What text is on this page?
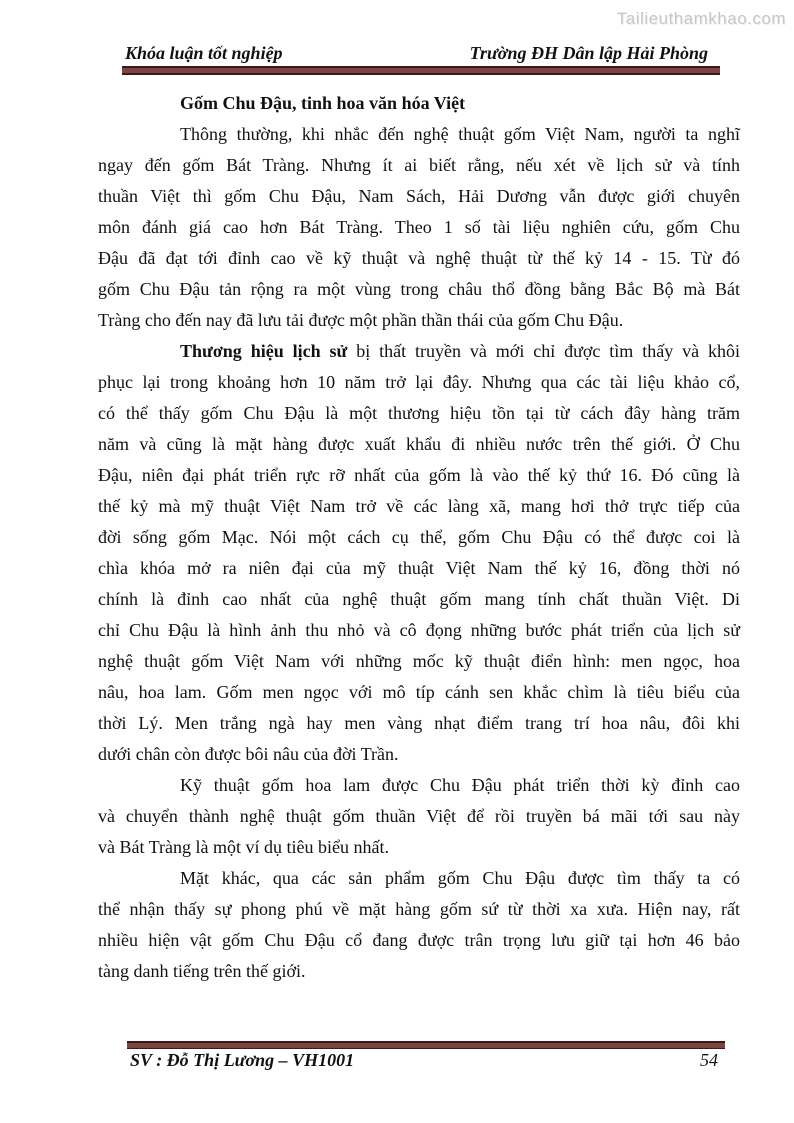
Tailieuthamkhao.com
Khóa luận tốt nghiệp	Trường ĐH Dân lập Hải Phòng
Gốm Chu Đậu, tinh hoa văn hóa Việt
Thông thường, khi nhắc đến nghệ thuật gốm Việt Nam, người ta nghĩ
ngay đến gốm Bát Tràng. Nhưng ít ai biết rằng, nếu xét về lịch sử và tính
thuần Việt thì gốm Chu Đậu, Nam Sách, Hải Dương vẫn được giới chuyên
môn đánh giá cao hơn Bát Tràng. Theo 1 số tài liệu nghiên cứu, gốm Chu
Đậu đã đạt tới đỉnh cao về kỹ thuật và nghệ thuật từ thế kỷ 14 - 15. Từ đó
gốm Chu Đậu tản rộng ra một vùng trong châu thổ đồng bằng Bắc Bộ mà Bát
Tràng cho đến nay đã lưu tải được một phần thần thái của gốm Chu Đậu.
Thương hiệu lịch sử bị thất truyền và mới chỉ được tìm thấy và khôi
phục lại trong khoảng hơn 10 năm trở lại đây. Nhưng qua các tài liệu khảo cổ,
có thể thấy gốm Chu Đậu là một thương hiệu tồn tại từ cách đây hàng trăm
năm và cũng là mặt hàng được xuất khẩu đi nhiều nước trên thế giới. Ở Chu
Đậu, niên đại phát triển rực rỡ nhất của gốm là vào thế kỷ thứ 16. Đó cũng là
thế kỷ mà mỹ thuật Việt Nam trở về các làng xã, mang hơi thở trực tiếp của
đời sống gốm Mạc. Nói một cách cụ thể, gốm Chu Đậu có thể được coi là
chìa khóa mở ra niên đại của mỹ thuật Việt Nam thế kỷ 16, đồng thời nó
chính là đỉnh cao nhất của nghệ thuật gốm mang tính chất thuần Việt. Di
chỉ Chu Đậu là hình ảnh thu nhỏ và cô đọng những bước phát triển của lịch sử
nghệ thuật gốm Việt Nam với những mốc kỹ thuật điển hình: men ngọc, hoa
nâu, hoa lam. Gốm men ngọc với mô típ cánh sen khắc chìm là tiêu biểu của
thời Lý. Men trắng ngà hay men vàng nhạt điểm trang trí hoa nâu, đôi khi
dưới chân còn được bôi nâu của đời Trần.
Kỹ thuật gốm hoa lam được Chu Đậu phát triển thời kỳ đỉnh cao
và chuyển thành nghệ thuật gốm thuần Việt để rồi truyền bá mãi tới sau này
và Bát Tràng là một ví dụ tiêu biểu nhất.
Mặt khác, qua các sản phẩm gốm Chu Đậu được tìm thấy ta có
thể nhận thấy sự phong phú về mặt hàng gốm sứ từ thời xa xưa. Hiện nay, rất
nhiều hiện vật gốm Chu Đậu cổ đang được trân trọng lưu giữ tại hơn 46 bảo
tàng danh tiếng trên thế giới.
SV : Đỗ Thị Lương – VH1001	54
